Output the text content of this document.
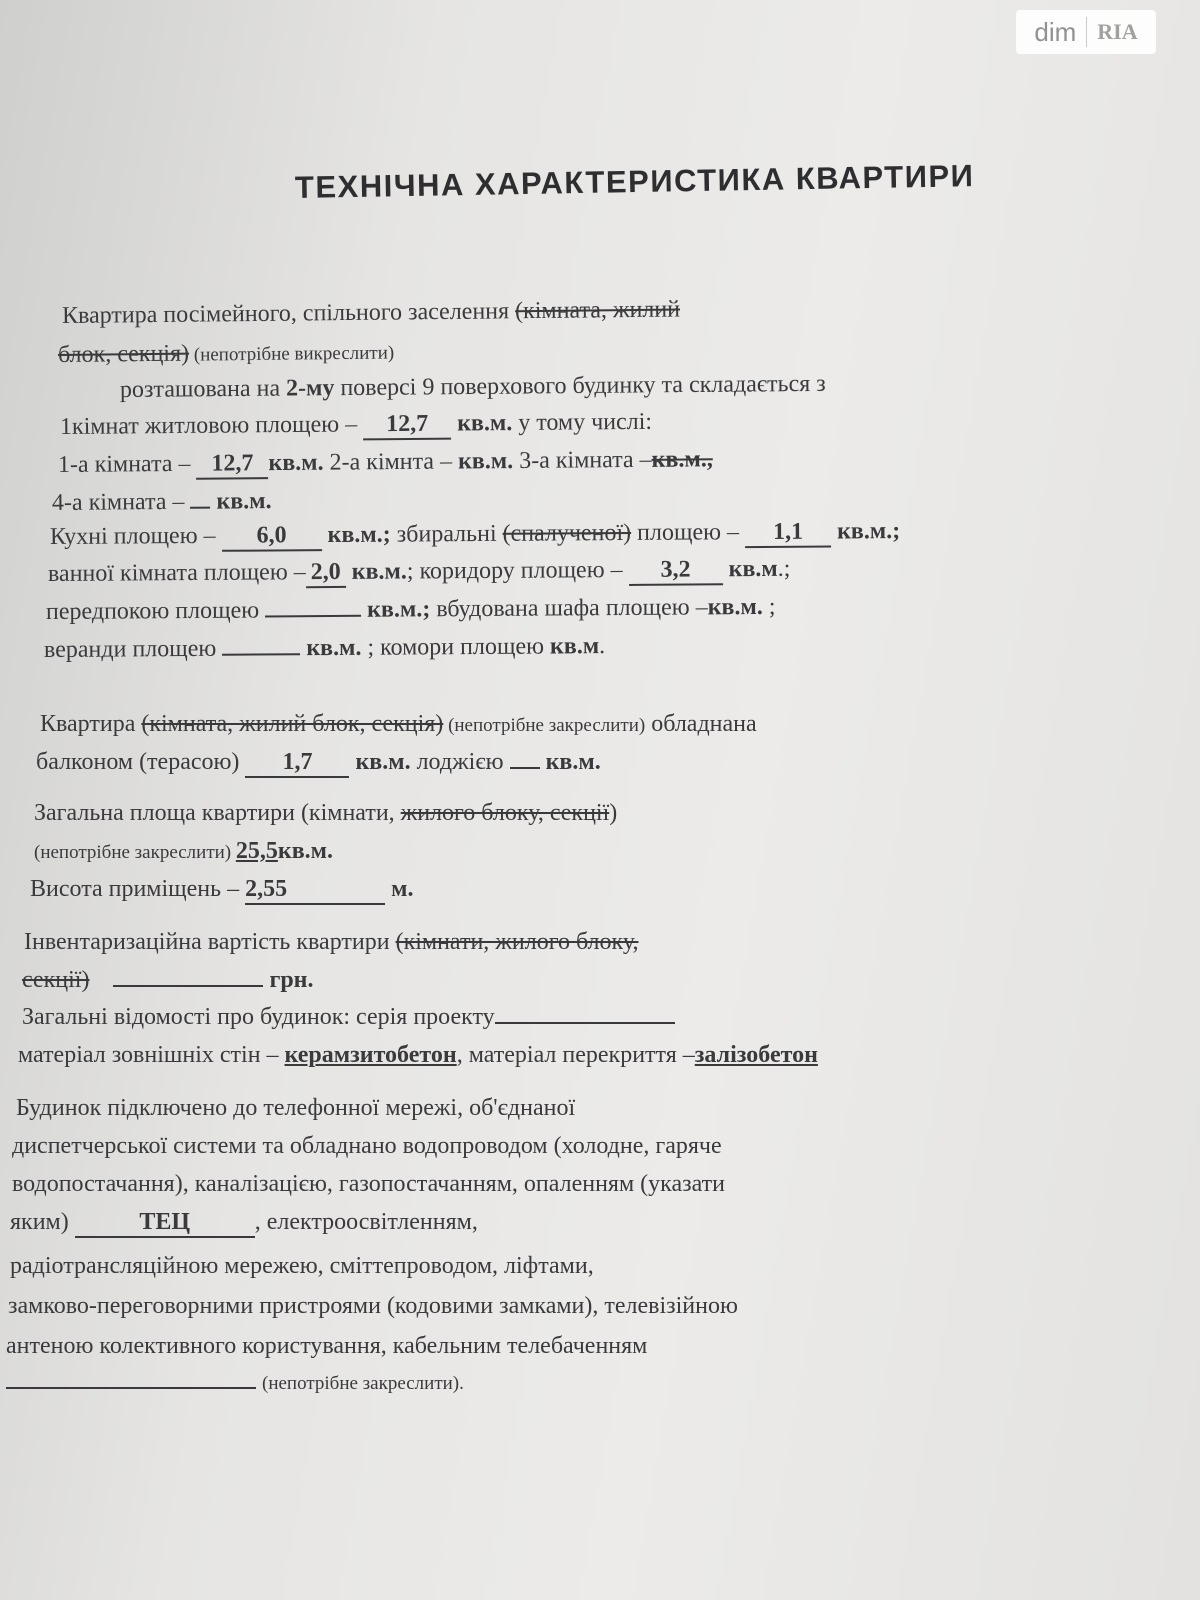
dim RIA
ТЕХНІЧНА ХАРАКТЕРИСТИКА КВАРТИРИ
Квартира посімейного, спільного заселення (кімната, жилий
блок, секція) (непотрібне викреслити)
розташована на 2-му поверсі 9 поверхового будинку та складається з
1кімнат житловою площею – 12,7 кв.м. у тому числі:
1-а кімната – 12,7 кв.м. 2-а кімнта – кв.м. 3-а кімната –кв.м.,
4-а кімната –  кв.м.
Кухні площею – 6,0 кв.м.; збиральні (спалученої) площею – 1,1 кв.м.;
ванної кімната площею – 2,0 кв.м.; коридору площею – 3,2 кв.м.;
передпокою площею	кв.м.; вбудована шафа площею –кв.м. ;
веранди площею	кв.м. ; комори площею кв.м.
Квартира (кімната, жилий блок, секція) (непотрібне закреслити) обладнана
балконом (терасою) 1,7 кв.м. лоджією  кв.м.
Загальна площа квартири (кімнати, жилого блоку, секції)
(непотрібне закреслити) 25,5кв.м.
Висота приміщень – 2,55	м.
Інвентаризаційна вартість квартири (кімнати, жилого блоку,
секції)	грн.
Загальні відомості про будинок: серія проекту
матеріал зовнішніх стін – керамзитобетон, матеріал перекриття –залізобетон
Будинок підключено до телефонної мережі, об'єднаної
диспетчерської системи та обладнано водопроводом (холодне, гаряче
водопостачання), каналізацією, газопостачанням, опаленням (указати
яким)	ТЕЦ	, електроосвітленням,
радіотрансляційною мережею, сміттепроводом, ліфтами,
замково-переговорними пристроями (кодовими замками), телевізійною
антеною колективного користування, кабельним телебаченням
(непотрібне закреслити).
